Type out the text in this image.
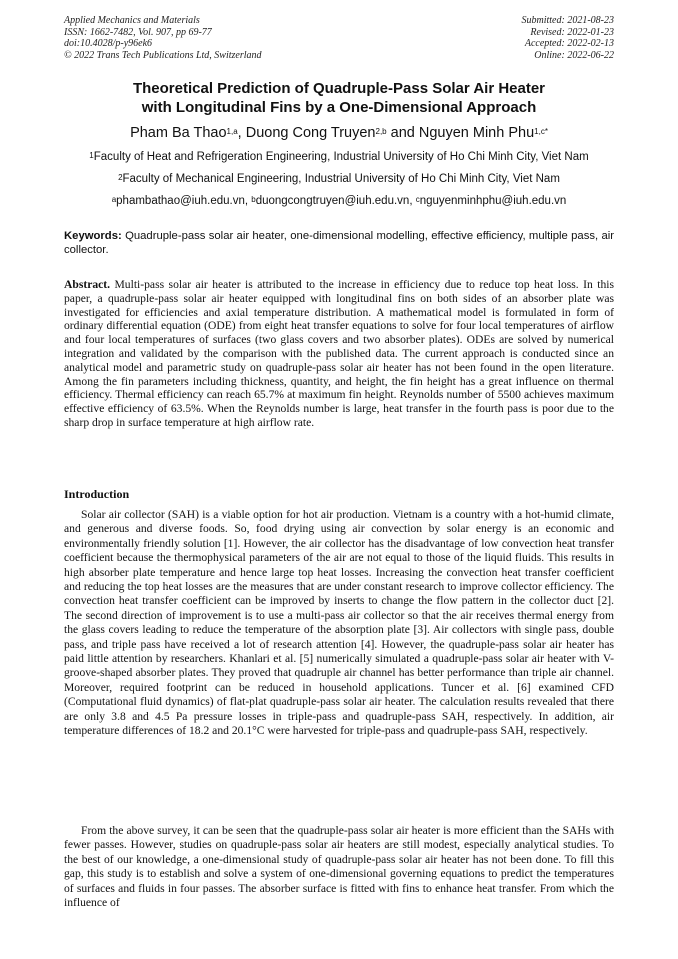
Applied Mechanics and Materials
ISSN: 1662-7482, Vol. 907, pp 69-77
doi:10.4028/p-y96ek6
© 2022 Trans Tech Publications Ltd, Switzerland
Submitted: 2021-08-23
Revised: 2022-01-23
Accepted: 2022-02-13
Online: 2022-06-22
Theoretical Prediction of Quadruple-Pass Solar Air Heater
with Longitudinal Fins by a One-Dimensional Approach
Pham Ba Thao$^{1,a}$, Duong Cong Truyen$^{2,b}$ and Nguyen Minh Phu$^{1,c*}$
$^1$Faculty of Heat and Refrigeration Engineering, Industrial University of Ho Chi Minh City, Viet Nam
$^2$Faculty of Mechanical Engineering, Industrial University of Ho Chi Minh City, Viet Nam
$^a$phambathao@iuh.edu.vn, $^b$duongcongtruyen@iuh.edu.vn, $^c$nguyenminhphu@iuh.edu.vn
Keywords: Quadruple-pass solar air heater, one-dimensional modelling, effective efficiency, multiple pass, air collector.
Abstract. Multi-pass solar air heater is attributed to the increase in efficiency due to reduce top heat loss. In this paper, a quadruple-pass solar air heater equipped with longitudinal fins on both sides of an absorber plate was investigated for efficiencies and axial temperature distribution. A mathematical model is formulated in form of ordinary differential equation (ODE) from eight heat transfer equations to solve for four local temperatures of airflow and four local temperatures of surfaces (two glass covers and two absorber plates). ODEs are solved by numerical integration and validated by the comparison with the published data. The current approach is conducted since an analytical model and parametric study on quadruple-pass solar air heater has not been found in the open literature. Among the fin parameters including thickness, quantity, and height, the fin height has a great influence on thermal efficiency. Thermal efficiency can reach 65.7% at maximum fin height. Reynolds number of 5500 achieves maximum effective efficiency of 63.5%. When the Reynolds number is large, heat transfer in the fourth pass is poor due to the sharp drop in surface temperature at high airflow rate.
Introduction

Solar air collector (SAH) is a viable option for hot air production. Vietnam is a country with a hot-humid climate, and generous and diverse foods. So, food drying using air convection by solar energy is an economic and environmentally friendly solution [1]. However, the air collector has the disadvantage of low convection heat transfer coefficient because the thermophysical parameters of the air are not equal to those of the liquid fluids. This results in high absorber plate temperature and hence large top heat losses. Increasing the convection heat transfer coefficient and reducing the top heat losses are the measures that are under constant research to improve collector efficiency. The convection heat transfer coefficient can be improved by inserts to change the flow pattern in the collector duct [2]. The second direction of improvement is to use a multi-pass air collector so that the air receives thermal energy from the glass covers leading to reduce the temperature of the absorption plate [3]. Air collectors with single pass, double pass, and triple pass have received a lot of research attention [4]. However, the quadruple-pass solar air heater has paid little attention by researchers. Khanlari et al. [5] numerically simulated a quadruple-pass solar air heater with V-groove-shaped absorber plates. They proved that quadruple air channel has better performance than triple air channel. Moreover, required footprint can be reduced in household applications. Tuncer et al. [6] examined CFD (Computational fluid dynamics) of flat-plat quadruple-pass solar air heater. The calculation results revealed that there are only 3.8 and 4.5 Pa pressure losses in triple-pass and quadruple-pass SAH, respectively. In addition, air temperature differences of 18.2 and 20.1°C were harvested for triple-pass and quadruple-pass SAH, respectively.

From the above survey, it can be seen that the quadruple-pass solar air heater is more efficient than the SAHs with fewer passes. However, studies on quadruple-pass solar air heaters are still modest, especially analytical studies. To the best of our knowledge, a one-dimensional study of quadruple-pass solar air heater has not been done. To fill this gap, this study is to establish and solve a system of one-dimensional governing equations to predict the temperatures of surfaces and fluids in four passes. The absorber surface is fitted with fins to enhance heat transfer. From which the influence of
